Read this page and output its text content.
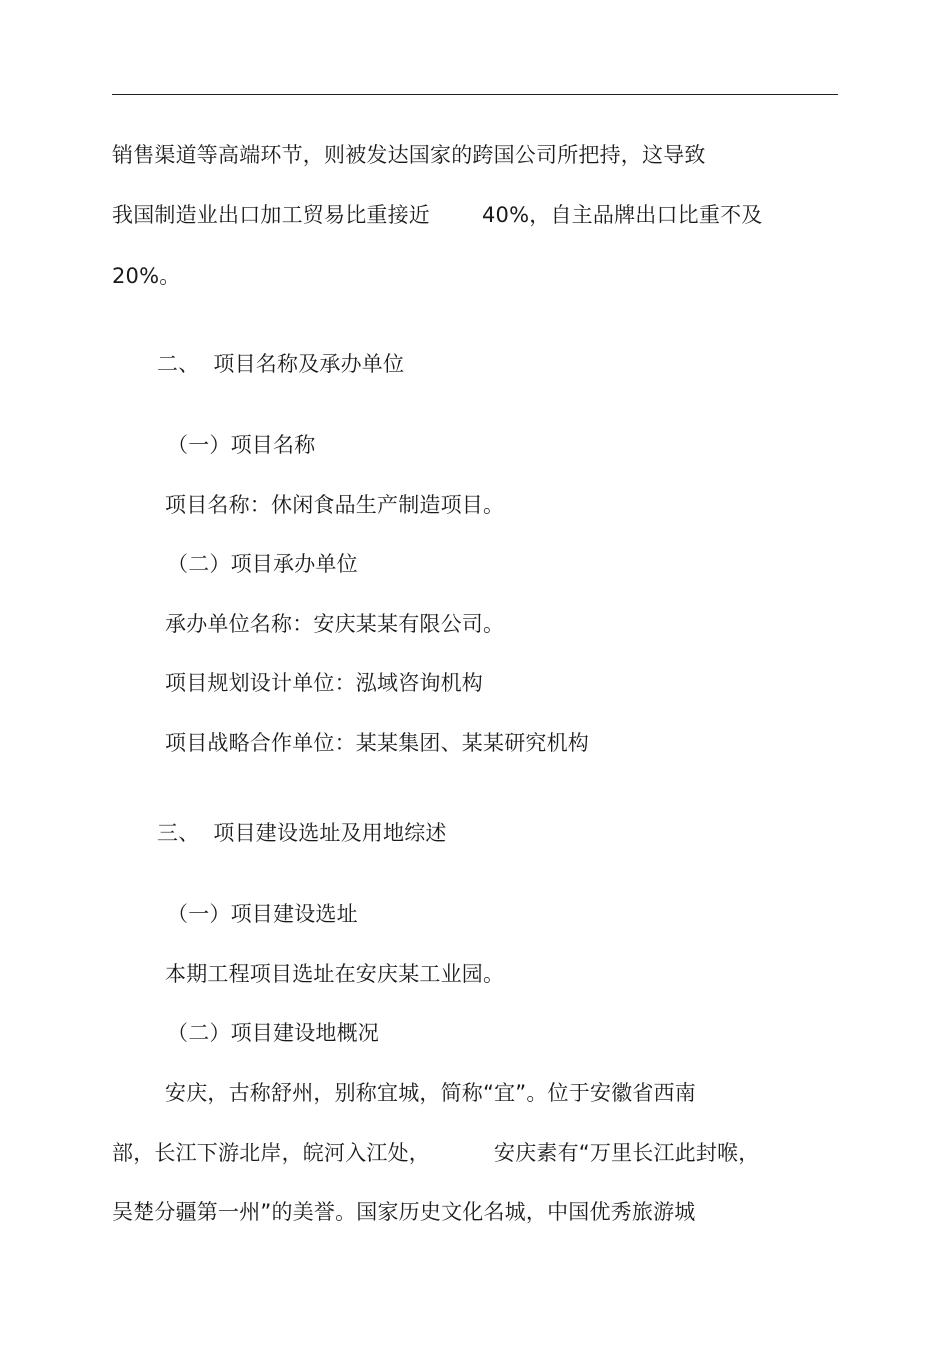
销售渠道等高端环节，则被发达国家的跨国公司所把持，这导致
我国制造业出口加工贸易比重接近 40%，自主品牌出口比重不及
20%。
二、 项目名称及承办单位
（一）项目名称
项目名称：休闲食品生产制造项目。
（二）项目承办单位
承办单位名称：安庆某某有限公司。
项目规划设计单位：泓域咨询机构
项目战略合作单位：某某集团、某某研究机构
三、 项目建设选址及用地综述
（一）项目建设选址
本期工程项目选址在安庆某工业园。
（二）项目建设地概况
安庆，古称舒州，别称宜城，简称“宜”。位于安徽省西南
部，长江下游北岸，皖河入江处，	安庆素有“万里长江此封喉，
吴楚分疆第一州”的美誉。国家历史文化名城，中国优秀旅游城
